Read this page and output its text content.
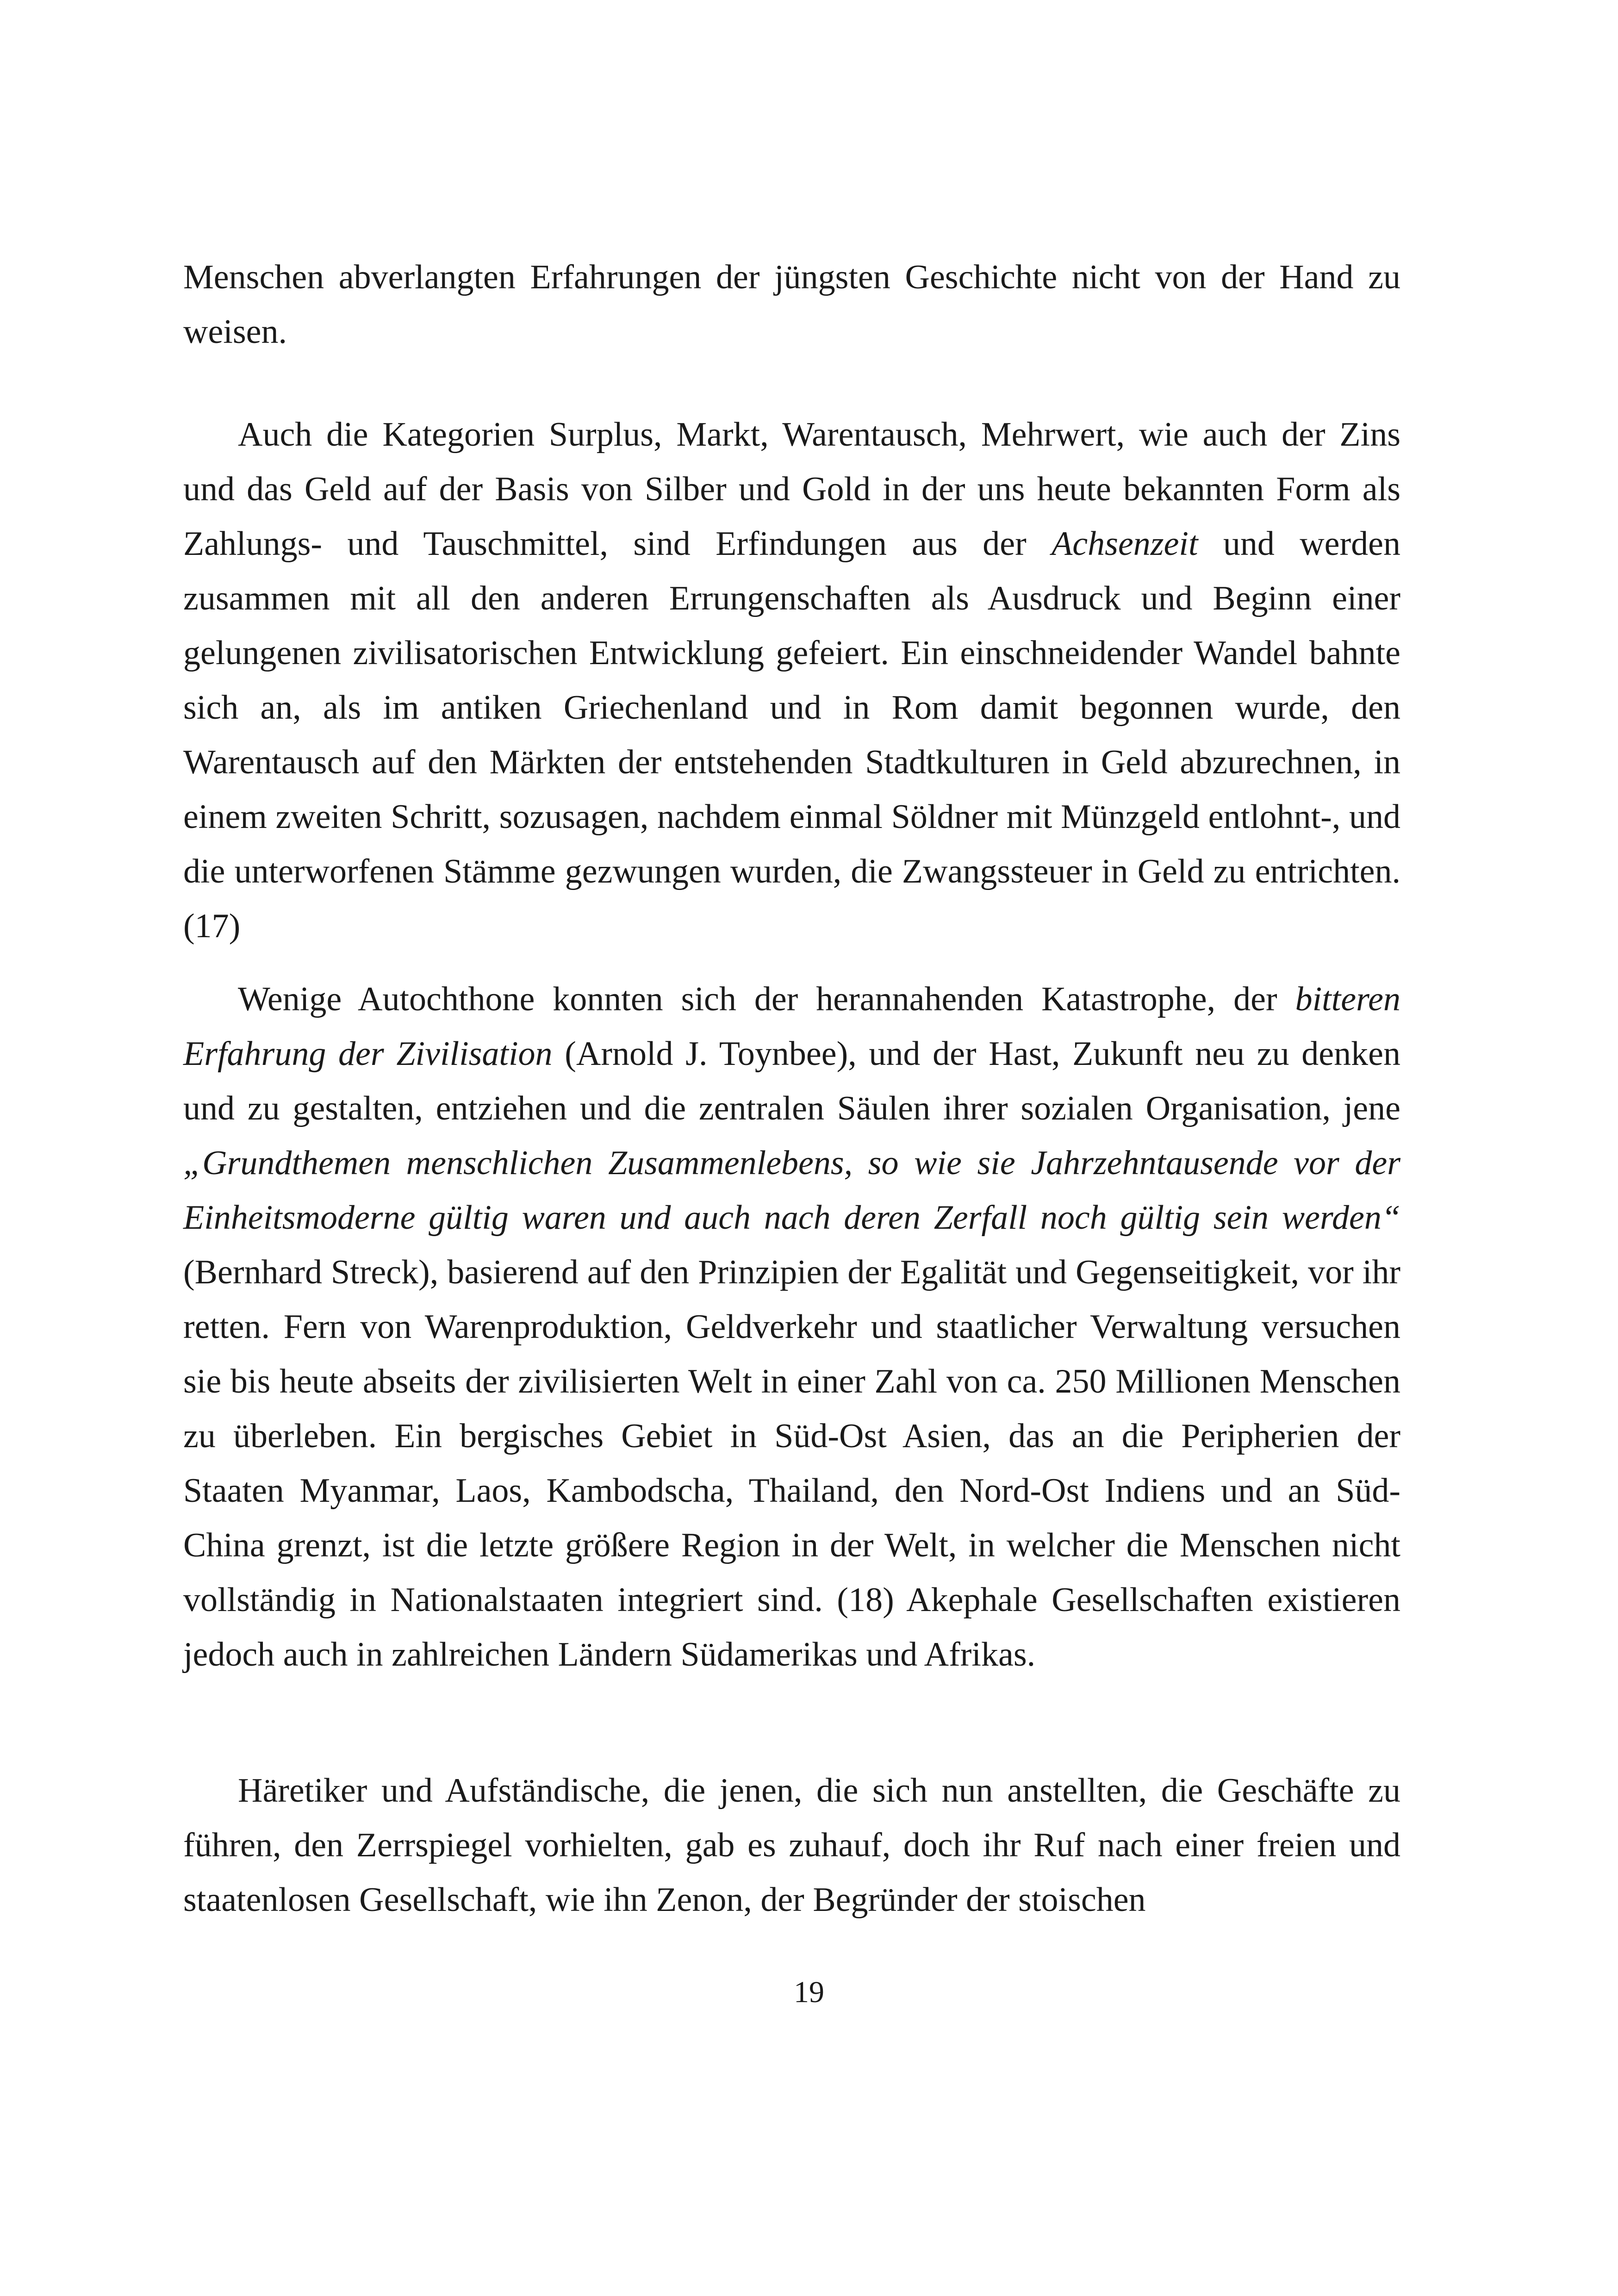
Menschen abverlangten Erfahrungen der jüngsten Geschichte nicht von der Hand zu weisen.

Auch die Kategorien Surplus, Markt, Warentausch, Mehrwert, wie auch der Zins und das Geld auf der Basis von Silber und Gold in der uns heute bekannten Form als Zahlungs- und Tauschmittel, sind Erfindungen aus der Achsenzeit und werden zusammen mit all den anderen Errungenschaften als Ausdruck und Beginn einer gelungenen zivilisatorischen Entwicklung gefeiert. Ein einschneidender Wandel bahnte sich an, als im antiken Griechenland und in Rom damit begonnen wurde, den Warentausch auf den Märkten der entstehenden Stadtkulturen in Geld abzurechnen, in einem zweiten Schritt, sozusagen, nachdem einmal Söldner mit Münzgeld entlohnt-, und die unterworfenen Stämme gezwungen wurden, die Zwangssteuer in Geld zu entrichten. (17)

Wenige Autochthone konnten sich der herannahenden Katastrophe, der bitteren Erfahrung der Zivilisation (Arnold J. Toynbee), und der Hast, Zukunft neu zu denken und zu gestalten, entziehen und die zentralen Säulen ihrer sozialen Organisation, jene „Grundthemen menschlichen Zusammenlebens, so wie sie Jahrzehntausende vor der Einheitsmoderne gültig waren und auch nach deren Zerfall noch gültig sein werden“ (Bernhard Streck), basierend auf den Prinzipien der Egalität und Gegenseitigkeit, vor ihr retten. Fern von Warenproduktion, Geldverkehr und staatlicher Verwaltung versuchen sie bis heute abseits der zivilisierten Welt in einer Zahl von ca. 250 Millionen Menschen zu überleben. Ein bergisches Gebiet in Süd-Ost Asien, das an die Peripherien der Staaten Myanmar, Laos, Kambodscha, Thailand, den Nord-Ost Indiens und an Süd-China grenzt, ist die letzte größere Region in der Welt, in welcher die Menschen nicht vollständig in Nationalstaaten integriert sind. (18) Akephale Gesellschaften existieren jedoch auch in zahlreichen Ländern Südamerikas und Afrikas.

Häretiker und Aufständische, die jenen, die sich nun anstellten, die Geschäfte zu führen, den Zerrspiegel vorhielten, gab es zuhauf, doch ihr Ruf nach einer freien und staatenlosen Gesellschaft, wie ihn Zenon, der Begründer der stoischen

19
